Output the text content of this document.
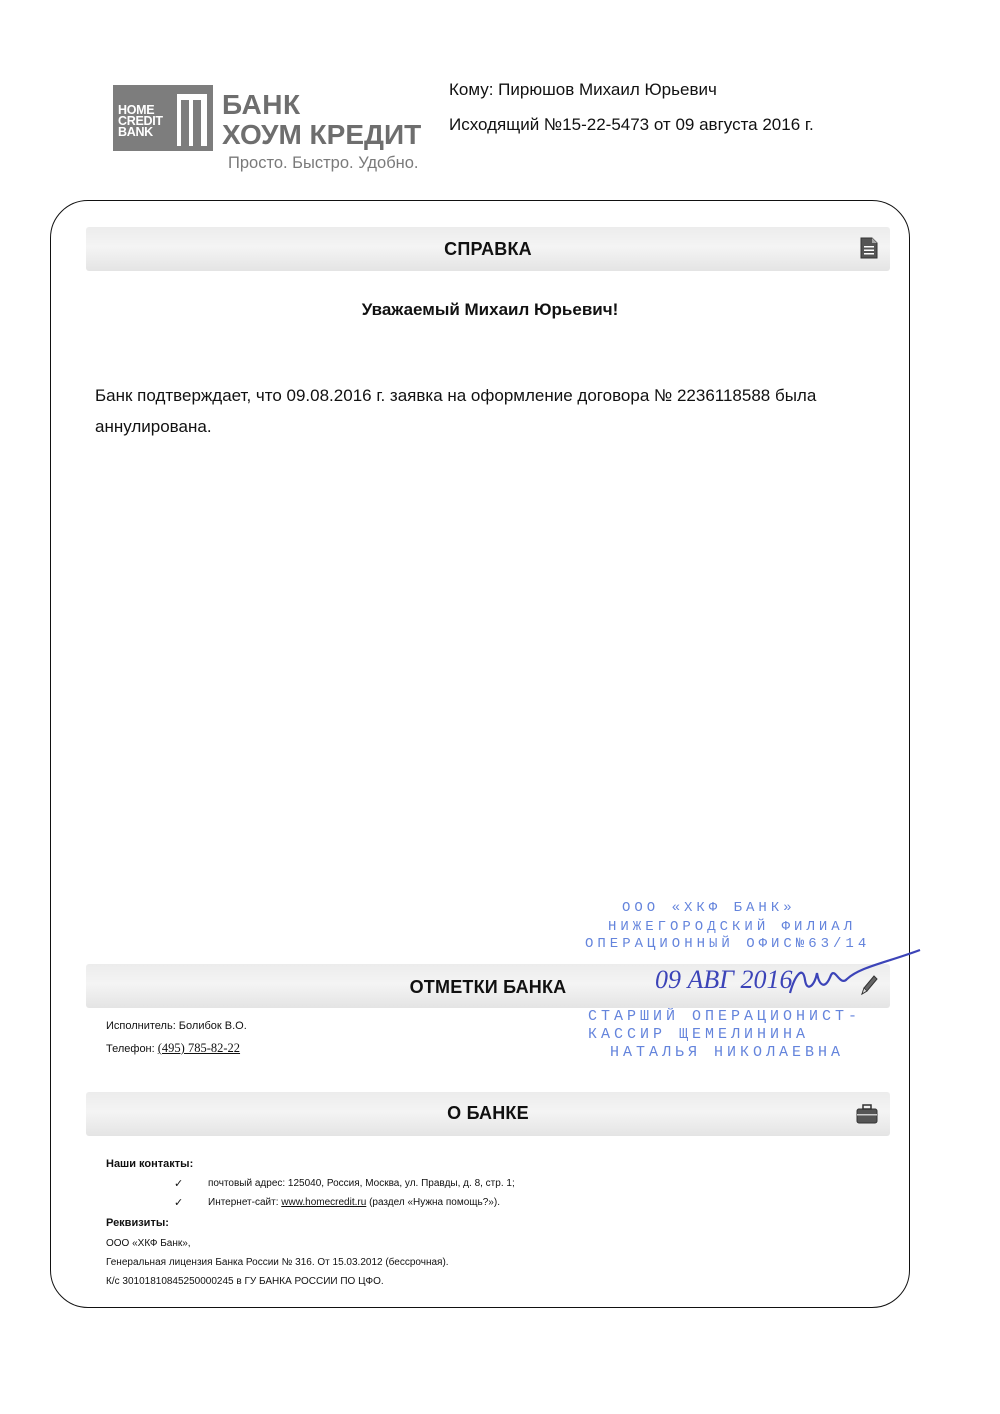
HOME
CREDIT
BANK
БАНК
ХОУМ КРЕДИТ
Просто. Быстро. Удобно.
Кому: Пирюшов Михаил Юрьевич
Исходящий №15-22-5473 от 09 августа 2016 г.
СПРАВКА
Уважаемый Михаил Юрьевич!
Банк подтверждает, что 09.08.2016 г. заявка на оформление договора № 2236118588 была аннулирована.
ОТМЕТКИ БАНКА
Исполнитель: Болибок В.О.
Телефон: (495) 785-82-22
ООО «ХКФ БАНК»
НИЖЕГОРОДСКИЙ ФИЛИАЛ
ОПЕРАЦИОННЫЙ ОФИС№63/14
09 АВГ 2016
СТАРШИЙ ОПЕРАЦИОНИСТ-
КАССИР ЩЕМЕЛИНИНА
НАТАЛЬЯ НИКОЛАЕВНА
О БАНКЕ
Наши контакты:
✓ почтовый адрес: 125040, Россия, Москва, ул. Правды, д. 8, стр. 1;
✓ Интернет-сайт: www.homecredit.ru (раздел «Нужна помощь?»).
Реквизиты:
ООО «ХКФ Банк»,
Генеральная лицензия Банка России № 316. От 15.03.2012 (бессрочная).
К/с 30101810845250000245 в ГУ БАНКА РОССИИ ПО ЦФО.
